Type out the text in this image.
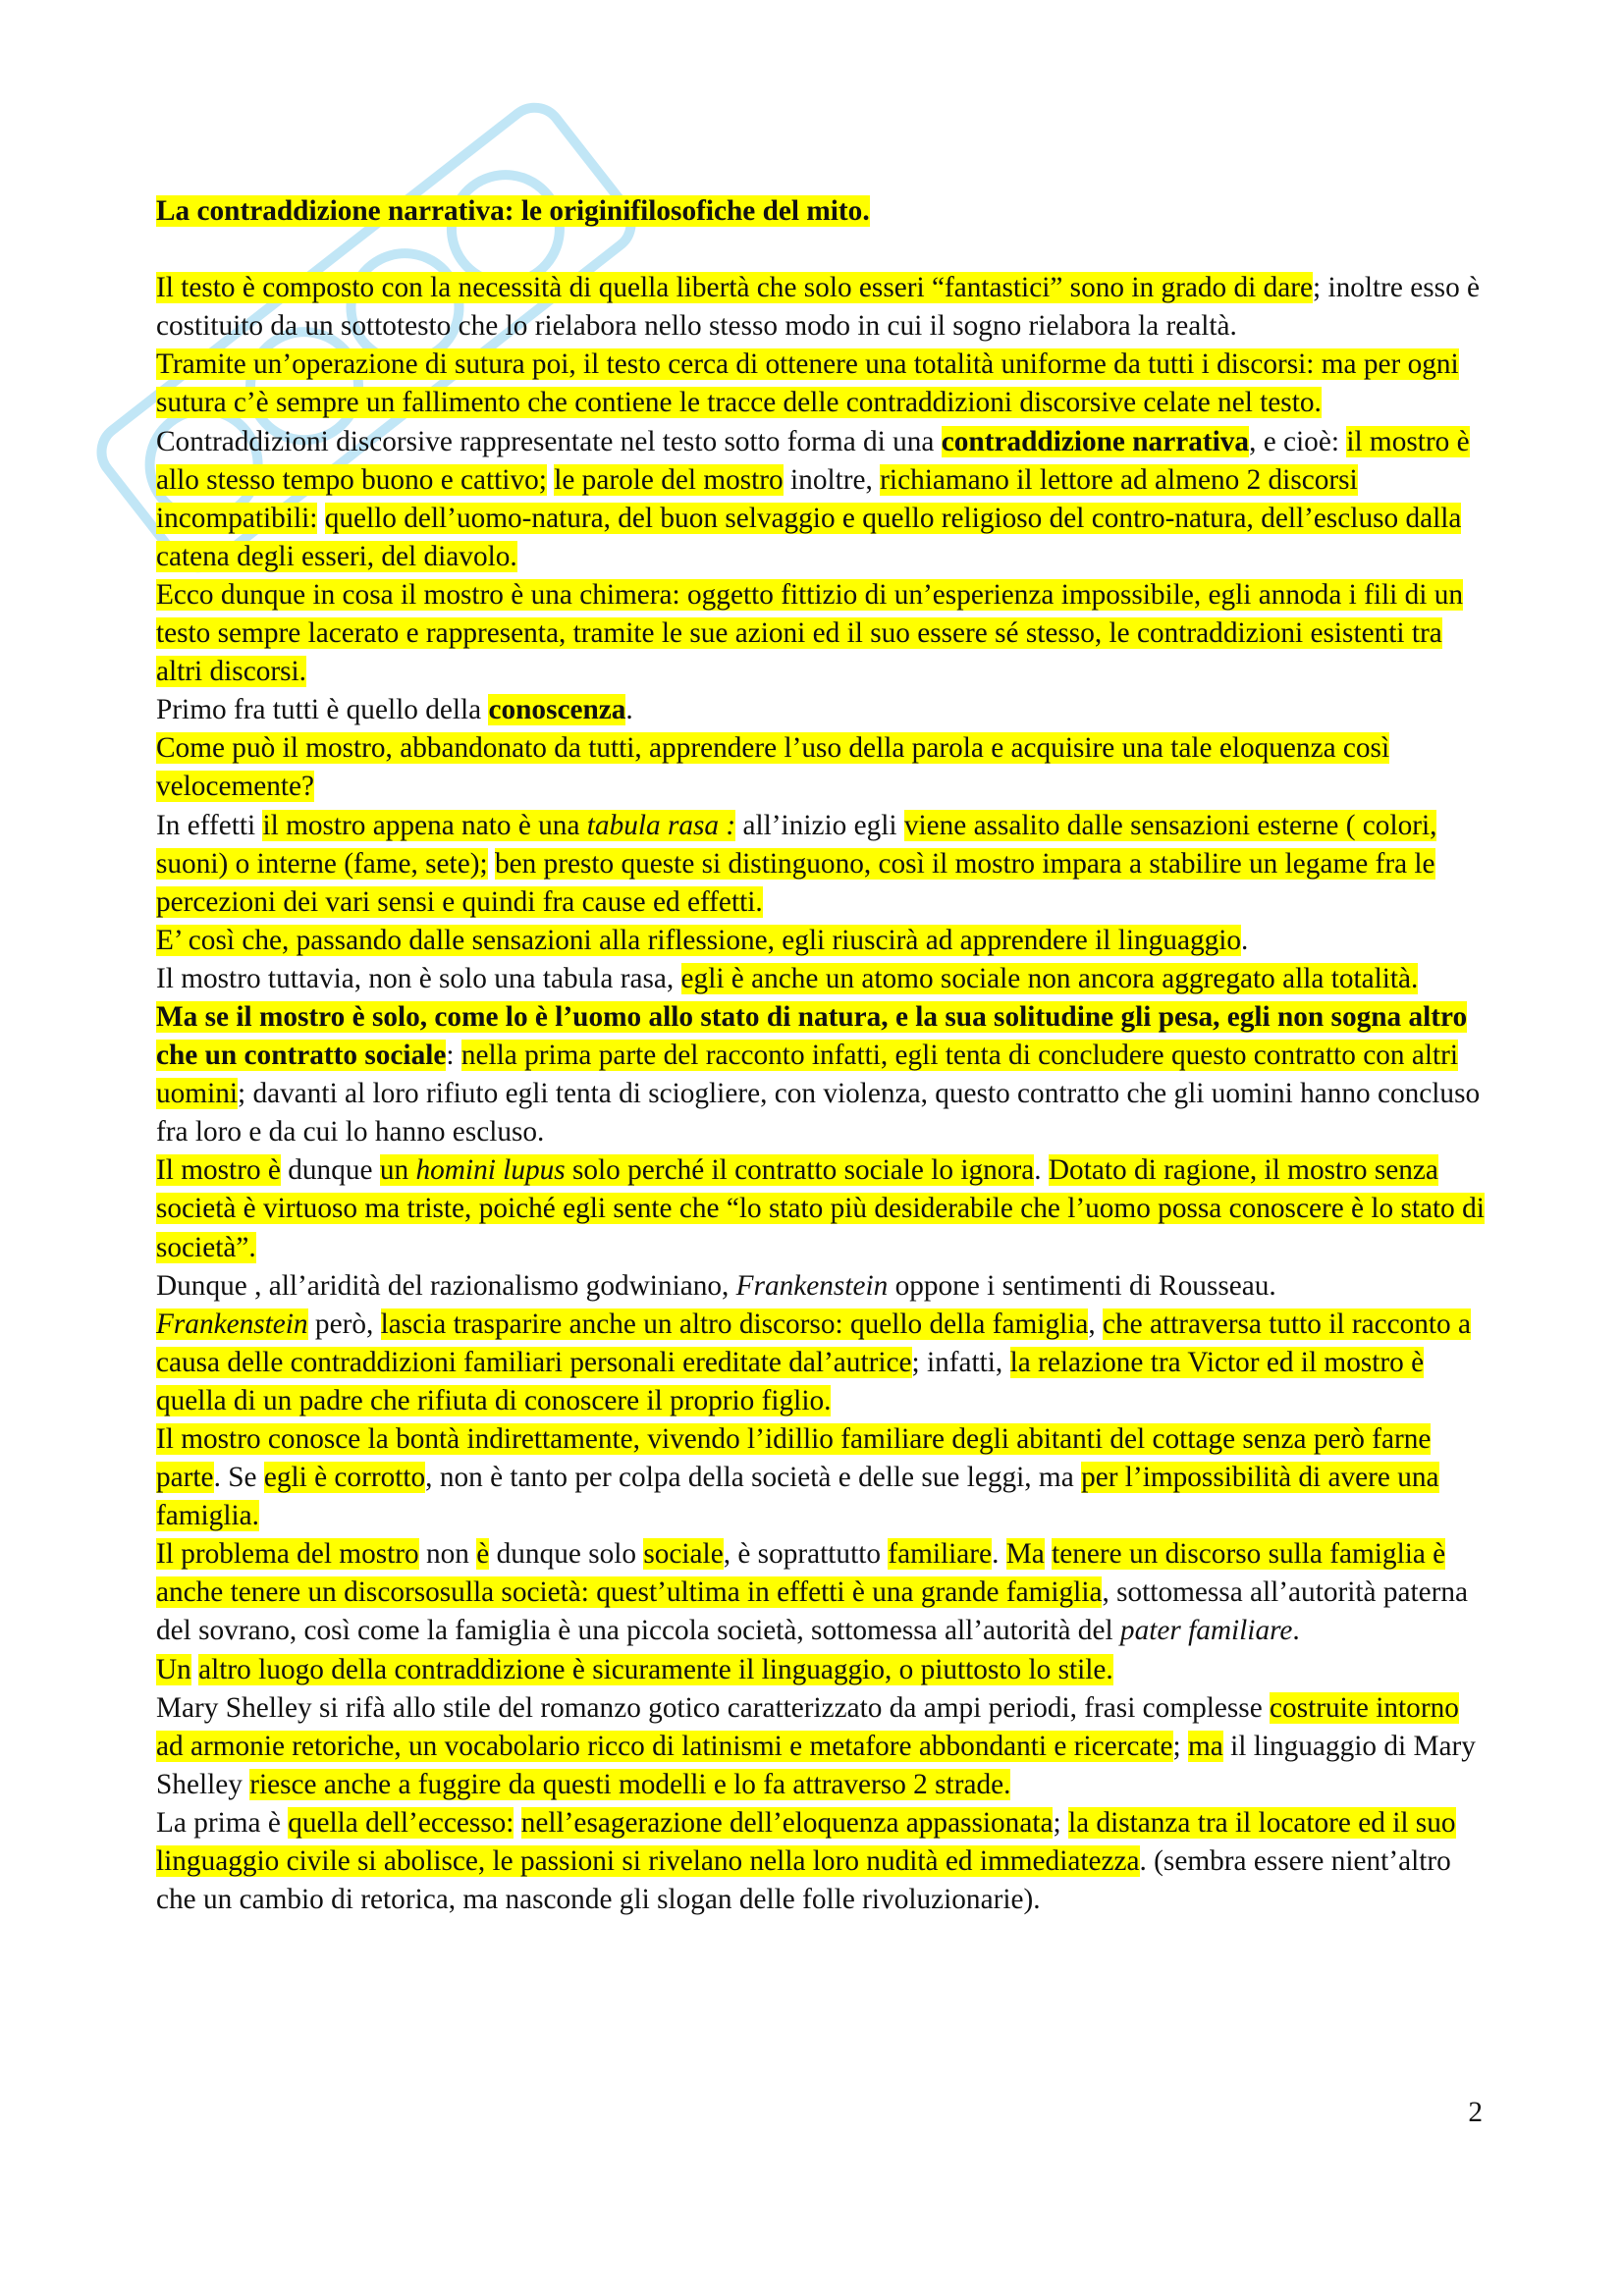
La contraddizione narrativa: le originifilosofiche del mito.

Il testo è composto con la necessità di quella libertà che solo esseri “fantastici” sono in grado di dare; inoltre esso è costituito da un sottotesto che lo rielabora nello stesso modo in cui il sogno rielabora la realtà.

Tramite un’operazione di sutura poi, il testo cerca di ottenere una totalità uniforme da tutti i discorsi: ma per ogni sutura c’è sempre un fallimento che contiene le tracce delle contraddizioni discorsive celate nel testo.

Contraddizioni discorsive rappresentate nel testo sotto forma di una contraddizione narrativa, e cioè: il mostro è allo stesso tempo buono e cattivo; le parole del mostro inoltre, richiamano il lettore ad almeno 2 discorsi incompatibili: quello dell’uomo-natura, del buon selvaggio e quello religioso del contro-natura, dell’escluso dalla catena degli esseri, del diavolo.

Ecco dunque in cosa il mostro è una chimera: oggetto fittizio di un’esperienza impossibile, egli annoda i fili di un testo sempre lacerato e rappresenta, tramite le sue azioni ed il suo essere sé stesso, le contraddizioni esistenti tra altri discorsi.

Primo fra tutti è quello della conoscenza.

Come può il mostro, abbandonato da tutti, apprendere l’uso della parola e acquisire una tale eloquenza così velocemente?

In effetti il mostro appena nato è una tabula rasa : all’inizio egli viene assalito dalle sensazioni esterne ( colori, suoni) o interne (fame, sete); ben presto queste si distinguono, così il mostro impara a stabilire un legame fra le percezioni dei vari sensi e quindi fra cause ed effetti.

E’ così che, passando dalle sensazioni alla riflessione, egli riuscirà ad apprendere il linguaggio.

Il mostro tuttavia, non è solo una tabula rasa, egli è anche un atomo sociale non ancora aggregato alla totalità.

Ma se il mostro è solo, come lo è l’uomo allo stato di natura, e la sua solitudine gli pesa, egli non sogna altro che un contratto sociale: nella prima parte del racconto infatti, egli tenta di concludere questo contratto con altri uomini; davanti al loro rifiuto egli tenta di sciogliere, con violenza, questo contratto che gli uomini hanno concluso fra loro e da cui lo hanno escluso.

Il mostro è dunque un homini lupus solo perché il contratto sociale lo ignora. Dotato di ragione, il mostro senza società è virtuoso ma triste, poiché egli sente che “lo stato più desiderabile che l’uomo possa conoscere è lo stato di società”.

Dunque , all’aridità del razionalismo godwiniano, Frankenstein oppone i sentimenti di Rousseau.

Frankenstein però, lascia trasparire anche un altro discorso: quello della famiglia, che attraversa tutto il racconto a causa delle contraddizioni familiari personali ereditate dal’autrice; infatti, la relazione tra Victor ed il mostro è quella di un padre che rifiuta di conoscere il proprio figlio.

Il mostro conosce la bontà indirettamente, vivendo l’idillio familiare degli abitanti del cottage senza però farne parte. Se egli è corrotto, non è tanto per colpa della società e delle sue leggi, ma per l’impossibilità di avere una famiglia.

Il problema del mostro non è dunque solo sociale, è soprattutto familiare. Ma tenere un discorso sulla famiglia è anche tenere un discorsosulla società: quest’ultima in effetti è una grande famiglia, sottomessa all’autorità paterna del sovrano, così come la famiglia è una piccola società, sottomessa all’autorità del pater familiare.

Un altro luogo della contraddizione è sicuramente il linguaggio, o piuttosto lo stile.

Mary Shelley si rifà allo stile del romanzo gotico caratterizzato da ampi periodi, frasi complesse costruite intorno ad armonie retoriche, un vocabolario ricco di latinismi e metafore abbondanti e ricercate; ma il linguaggio di Mary Shelley riesce anche a fuggire da questi modelli e lo fa attraverso 2 strade.

La prima è quella dell’eccesso: nell’esagerazione dell’eloquenza appassionata; la distanza tra il locatore ed il suo linguaggio civile si abolisce, le passioni si rivelano nella loro nudità ed immediatezza. (sembra essere nient’altro che un cambio di retorica, ma nasconde gli slogan delle folle rivoluzionarie).

2
